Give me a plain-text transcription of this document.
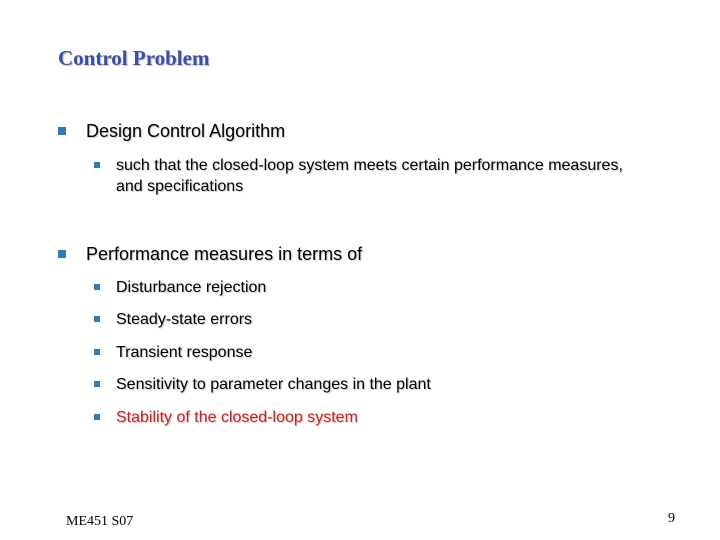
Control Problem
Design Control Algorithm
such that the closed-loop system meets certain performance measures, and specifications
Performance measures in terms of
Disturbance rejection
Steady-state errors
Transient response
Sensitivity to parameter changes in the plant
Stability of the closed-loop system
ME451 S07	9
